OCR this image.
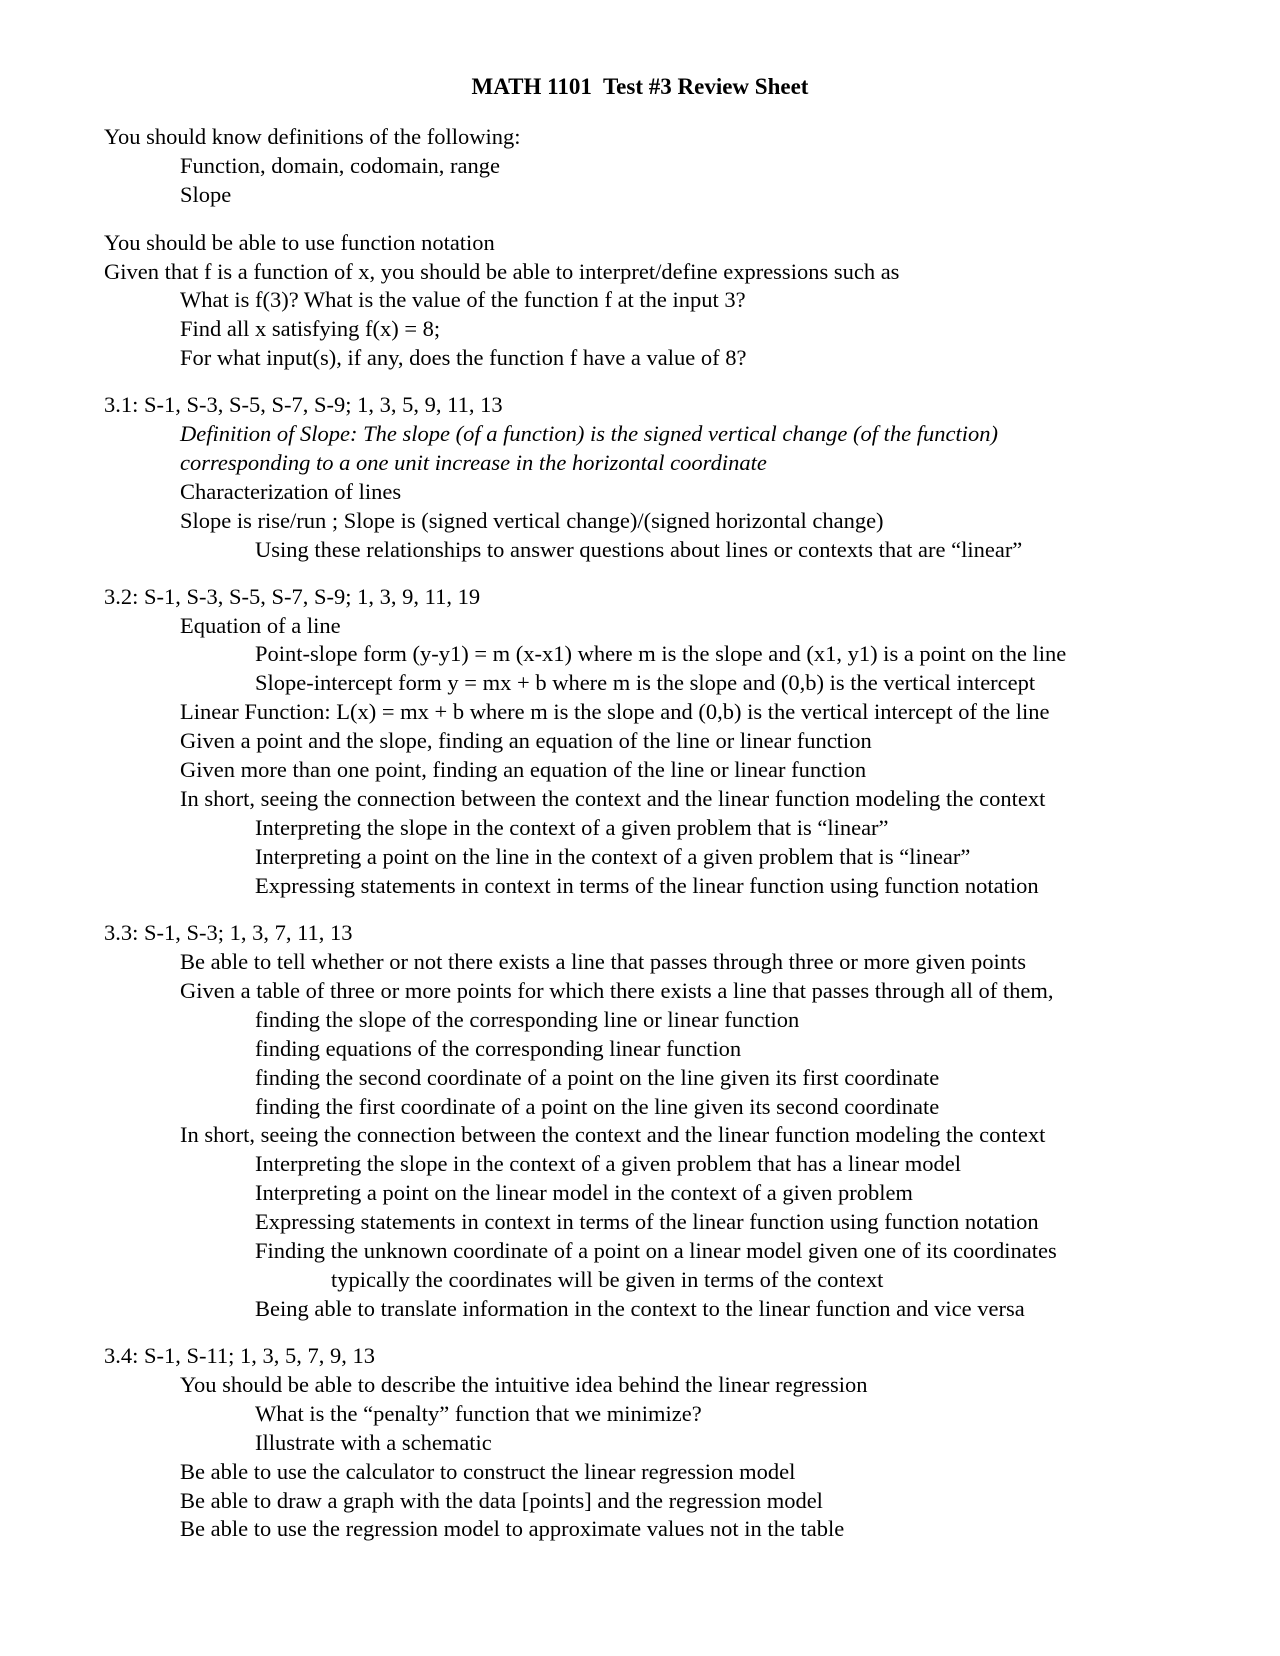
MATH 1101  Test #3 Review Sheet
You should know definitions of the following:
Function, domain, codomain, range
Slope
You should be able to use function notation
Given that f is a function of x, you should be able to interpret/define expressions such as
What is f(3)? What is the value of the function f at the input 3?
Find all x satisfying f(x) = 8;
For what input(s), if any, does the function f have a value of 8?
3.1: S-1, S-3, S-5, S-7, S-9; 1, 3, 5, 9, 11, 13
Definition of Slope: The slope (of a function) is the signed vertical change (of the function)
corresponding to a one unit increase in the horizontal coordinate
Characterization of lines
Slope is rise/run ; Slope is (signed vertical change)/(signed horizontal change)
Using these relationships to answer questions about lines or contexts that are “linear”
3.2: S-1, S-3, S-5, S-7, S-9; 1, 3, 9, 11, 19
Equation of a line
Point-slope form (y-y1) = m (x-x1) where m is the slope and (x1, y1) is a point on the line
Slope-intercept form y = mx + b where m is the slope and (0,b) is the vertical intercept
Linear Function: L(x) = mx + b where m is the slope and (0,b) is the vertical intercept of the line
Given a point and the slope, finding an equation of the line or linear function
Given more than one point, finding an equation of the line or linear function
In short, seeing the connection between the context and the linear function modeling the context
Interpreting the slope in the context of a given problem that is “linear”
Interpreting a point on the line in the context of a given problem that is “linear”
Expressing statements in context in terms of the linear function using function notation
3.3: S-1, S-3; 1, 3, 7, 11, 13
Be able to tell whether or not there exists a line that passes through three or more given points
Given a table of three or more points for which there exists a line that passes through all of them,
finding the slope of the corresponding line or linear function
finding equations of the corresponding linear function
finding the second coordinate of a point on the line given its first coordinate
finding the first coordinate of a point on the line given its second coordinate
In short, seeing the connection between the context and the linear function modeling the context
Interpreting the slope in the context of a given problem that has a linear model
Interpreting a point on the linear model in the context of a given problem
Expressing statements in context in terms of the linear function using function notation
Finding the unknown coordinate of a point on a linear model given one of its coordinates
typically the coordinates will be given in terms of the context
Being able to translate information in the context to the linear function and vice versa
3.4: S-1, S-11; 1, 3, 5, 7, 9, 13
You should be able to describe the intuitive idea behind the linear regression
What is the “penalty” function that we minimize?
Illustrate with a schematic
Be able to use the calculator to construct the linear regression model
Be able to draw a graph with the data [points] and the regression model
Be able to use the regression model to approximate values not in the table
